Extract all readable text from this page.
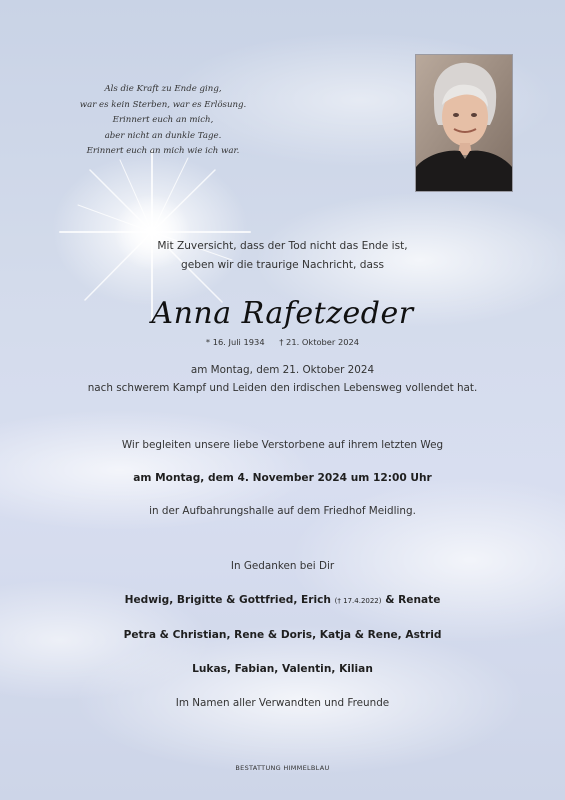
Als die Kraft zu Ende ging,
war es kein Sterben, war es Erlösung.
Erinnert euch an mich,
aber nicht an dunkle Tage.
Erinnert euch an mich wie ich war.
Mit Zuversicht, dass der Tod nicht das Ende ist,
geben wir die traurige Nachricht, dass
Anna Rafetzeder
* 16. Juli 1934 † 21. Oktober 2024
am Montag, dem 21. Oktober 2024
nach schwerem Kampf und Leiden den irdischen Lebensweg vollendet hat.
Wir begleiten unsere liebe Verstorbene auf ihrem letzten Weg
am Montag, dem 4. November 2024 um 12:00 Uhr
in der Aufbahrungshalle auf dem Friedhof Meidling.
In Gedanken bei Dir
Hedwig, Brigitte & Gottfried, Erich († 17.4.2022) & Renate
Petra & Christian, Rene & Doris, Katja & Rene, Astrid
Lukas, Fabian, Valentin, Kilian
Im Namen aller Verwandten und Freunde
BESTATTUNG HIMMELBLAU
